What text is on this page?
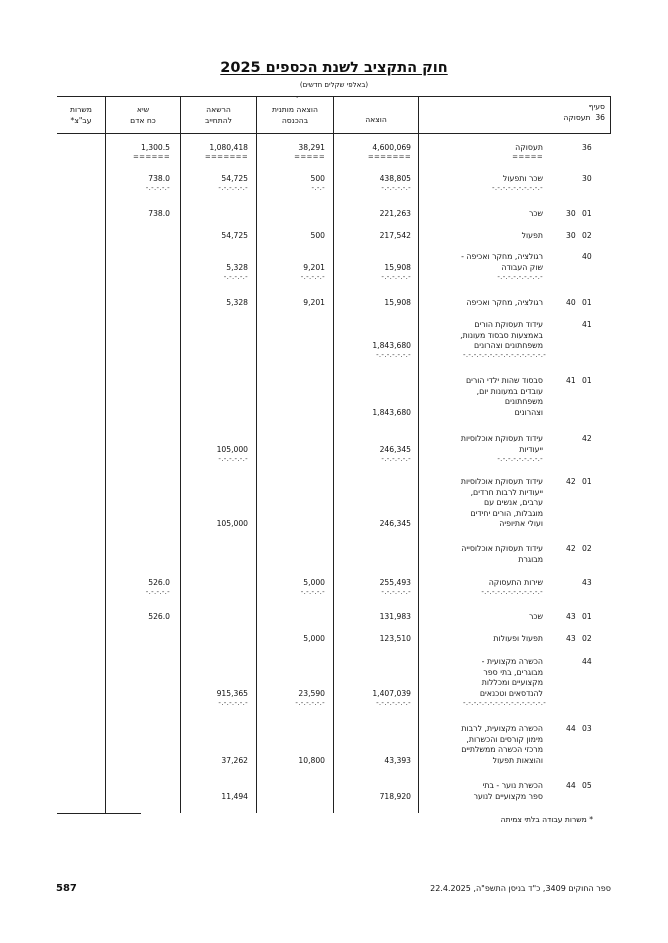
חוק התקציב לשנת הכספים 2025
(באלפי שקלים חדשים)
.
משרות
עב"צ*
שיא
כח אדם
הרשאה
להתחייב
הוצאה מותנית
בהכנסה	הוצאה
סעיף
36  תעסוקה
36
תעסוקה
=====
4,600,069
=======
38,291
=====
1,080,418
=======
1,300.5
======
30
שכר ותפעול
-.-.-.-.-.-.-.-.-.-
438,805
-.-.-.-.-.-
500
-.-.-
54,725
-.-.-.-.-.-
738.0
-.-.-.-.-
01
30
שכר
221,263
738.0
02
30
תפעול
217,542
500
54,725
40
רגולציה, מחקר ואכיפה -
שוק העבודה
-.-.-.-.-.-.-.-.-
15,908
-.-.-.-.-.-
9,201
-.-.-.-.-
5,328
-.-.-.-.-
01
40
רגולציה, מחקר ואכיפה
15,908
9,201
5,328
41
עידוד תעסוקת הורים
באמצעות סבסוד מעונות,
משפחתונים וצהרונים
-.-.-.-.-.-.-.-.-.-.-.-.-.-.-.-
1,843,680
-.-.-.-.-.-.-
01
41
סבסוד שהות ילדי הורים
עובדים במעונות יום,
משפחתונים
וצהרונים
1,843,680
42
עידוד תעסוקת אוכלוסיות
ייעודיות
-.-.-.-.-.-.-.-.-
246,345
-.-.-.-.-.-
105,000
-.-.-.-.-.-
01
42
עידוד תעסוקת אוכלוסיות
ייעודיות לרבות חרדים,
ערבים, אנשים עם
מוגבלות, הורים יחידים
ועולי אתיופיה
246,345
105,000
02
42
עידוד תעסוקת אוכלוסייה
מבוגרת
43
שירות התעסוקה
-.-.-.-.-.-.-.-.-.-.-.-
255,493
-.-.-.-.-.-
5,000
-.-.-.-.-
526.0
-.-.-.-.-
01
43
שכר
131,983
526.0
02
43
תפעול ופעולות
123,510
5,000
44
הכשרה מקצועית -
מבוגרים, בתי ספר
מקצועיים ומכללות
להנדסאים וטכנאים
-.-.-.-.-.-.-.-.-.-.-.-.-.-.-.-
1,407,039
-.-.-.-.-.-.-
23,590
-.-.-.-.-.-
915,365
-.-.-.-.-.-
03
44
הכשרה מקצועית, לרבות
מימון קורסים והכשרות,
מרכזי הכשרה ממשלתיים
והוצאות תפעול
43,393
10,800
37,262
05
44
הכשרת נוער - בתי
ספר מקצועיים לנוער
718,920
11,494
* משרות עבודה בלתי צמיתה
587	ספר החוקים 3409, כ"ד בניסן התשפ"ה, 22.4.2025
